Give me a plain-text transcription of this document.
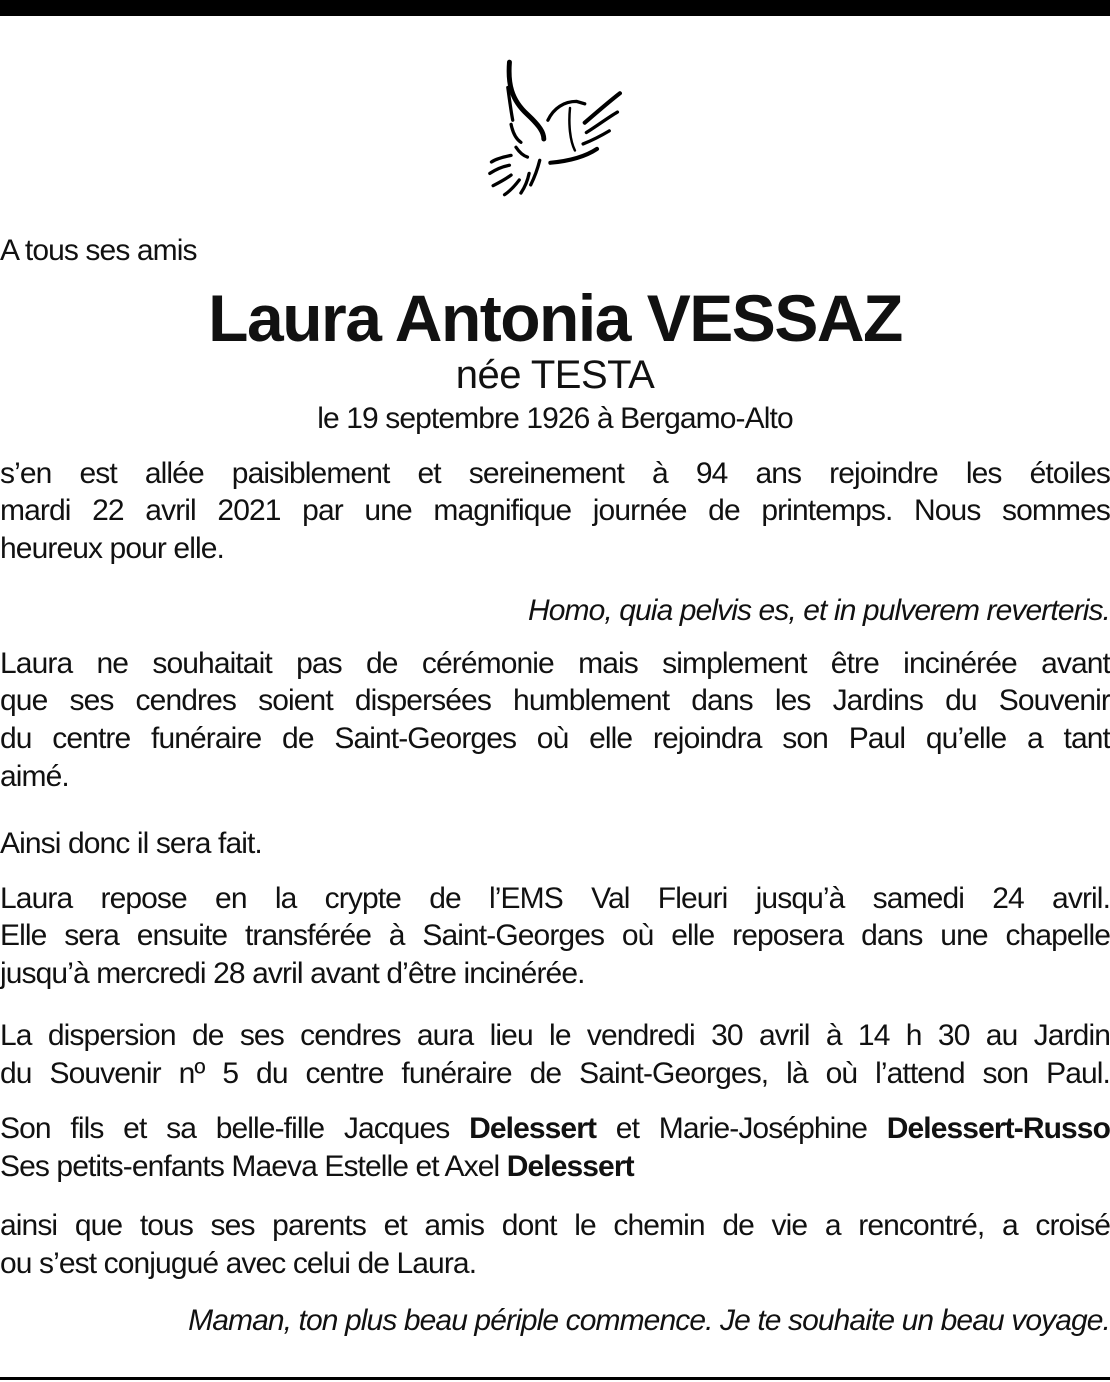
A tous ses amis
Laura Antonia VESSAZ
née TESTA
le 19 septembre 1926 à Bergamo-Alto
s’en est allée paisiblement et sereinement à 94 ans rejoindre les étoiles
mardi 22 avril 2021 par une magnifique journée de printemps. Nous sommes
heureux pour elle.
Homo, quia pelvis es, et in pulverem reverteris.
Laura ne souhaitait pas de cérémonie mais simplement être incinérée avant
que ses cendres soient dispersées humblement dans les Jardins du Souvenir
du centre funéraire de Saint-Georges où elle rejoindra son Paul qu’elle a tant
aimé.
Ainsi donc il sera fait.
Laura repose en la crypte de l’EMS Val Fleuri jusqu’à samedi 24 avril.
Elle sera ensuite transférée à Saint-Georges où elle reposera dans une chapelle
jusqu’à mercredi 28 avril avant d’être incinérée.
La dispersion de ses cendres aura lieu le vendredi 30 avril à 14 h 30 au Jardin
du Souvenir nº 5 du centre funéraire de Saint-Georges, là où l’attend son Paul.
Son fils et sa belle-fille Jacques Delessert et Marie-Joséphine Delessert-Russo
Ses petits-enfants Maeva Estelle et Axel Delessert
ainsi que tous ses parents et amis dont le chemin de vie a rencontré, a croisé
ou s’est conjugué avec celui de Laura.
Maman, ton plus beau périple commence. Je te souhaite un beau voyage.
